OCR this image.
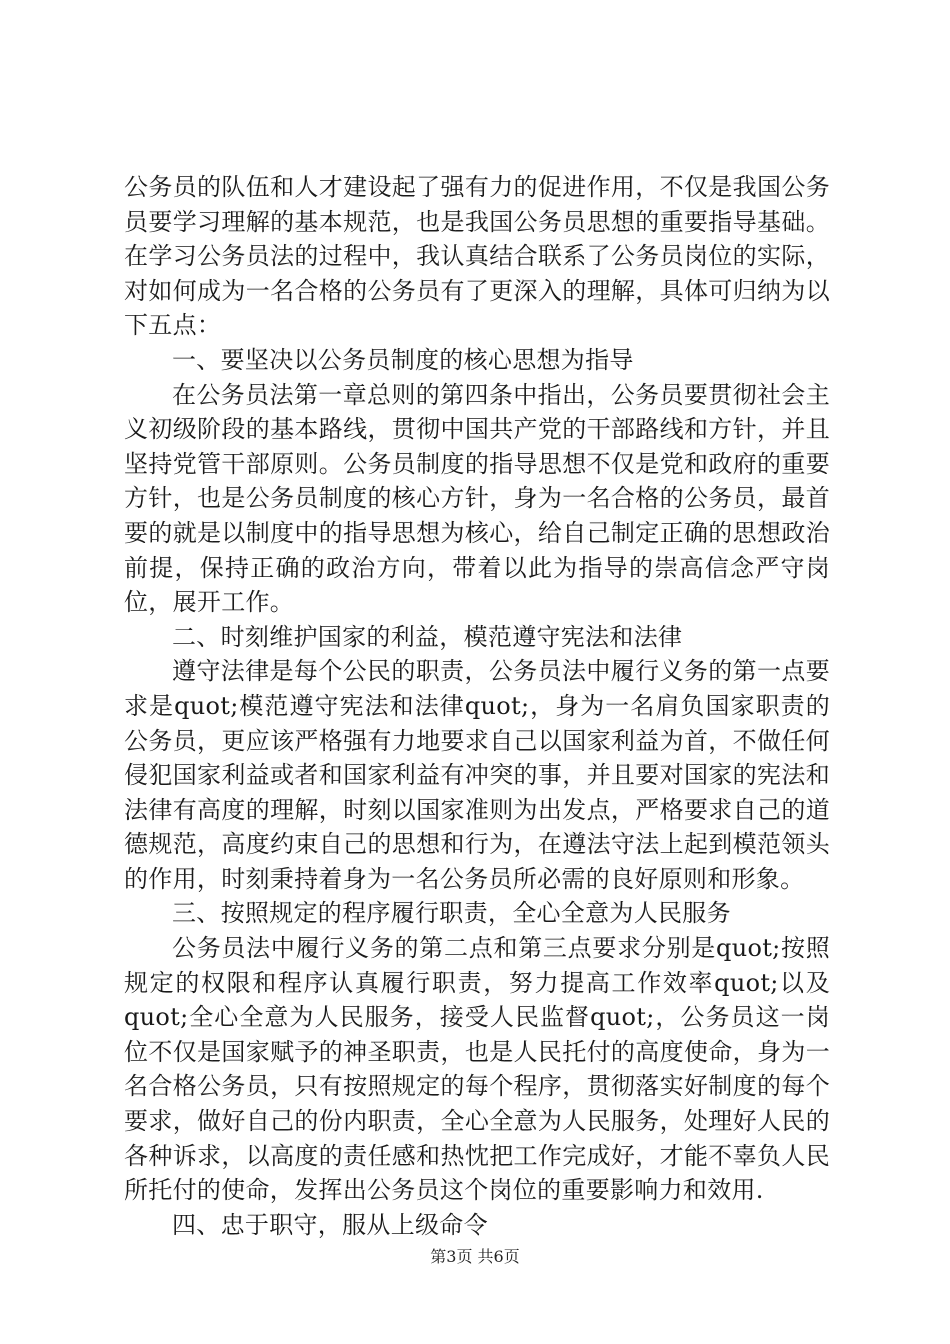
公务员的队伍和人才建设起了强有力的促进作用，不仅是我国公务员要学习理解的基本规范，也是我国公务员思想的重要指导基础。在学习公务员法的过程中，我认真结合联系了公务员岗位的实际，对如何成为一名合格的公务员有了更深入的理解，具体可归纳为以下五点：

一、要坚决以公务员制度的核心思想为指导

在公务员法第一章总则的第四条中指出，公务员要贯彻社会主义初级阶段的基本路线，贯彻中国共产党的干部路线和方针，并且坚持党管干部原则。公务员制度的指导思想不仅是党和政府的重要方针，也是公务员制度的核心方针，身为一名合格的公务员，最首要的就是以制度中的指导思想为核心，给自己制定正确的思想政治前提，保持正确的政治方向，带着以此为指导的崇高信念严守岗位，展开工作。

二、时刻维护国家的利益，模范遵守宪法和法律

遵守法律是每个公民的职责，公务员法中履行义务的第一点要求是quot;模范遵守宪法和法律quot;，身为一名肩负国家职责的公务员，更应该严格强有力地要求自己以国家利益为首，不做任何侵犯国家利益或者和国家利益有冲突的事，并且要对国家的宪法和法律有高度的理解，时刻以国家准则为出发点，严格要求自己的道德规范，高度约束自己的思想和行为，在遵法守法上起到模范领头的作用，时刻秉持着身为一名公务员所必需的良好原则和形象。

三、按照规定的程序履行职责，全心全意为人民服务

公务员法中履行义务的第二点和第三点要求分别是quot;按照规定的权限和程序认真履行职责，努力提高工作效率quot;以及quot;全心全意为人民服务，接受人民监督quot;，公务员这一岗位不仅是国家赋予的神圣职责，也是人民托付的高度使命，身为一名合格公务员，只有按照规定的每个程序，贯彻落实好制度的每个要求，做好自己的份内职责，全心全意为人民服务，处理好人民的各种诉求，以高度的责任感和热忱把工作完成好，才能不辜负人民所托付的使命，发挥出公务员这个岗位的重要影响力和效用.

四、忠于职守，服从上级命令

第3页 共6页
